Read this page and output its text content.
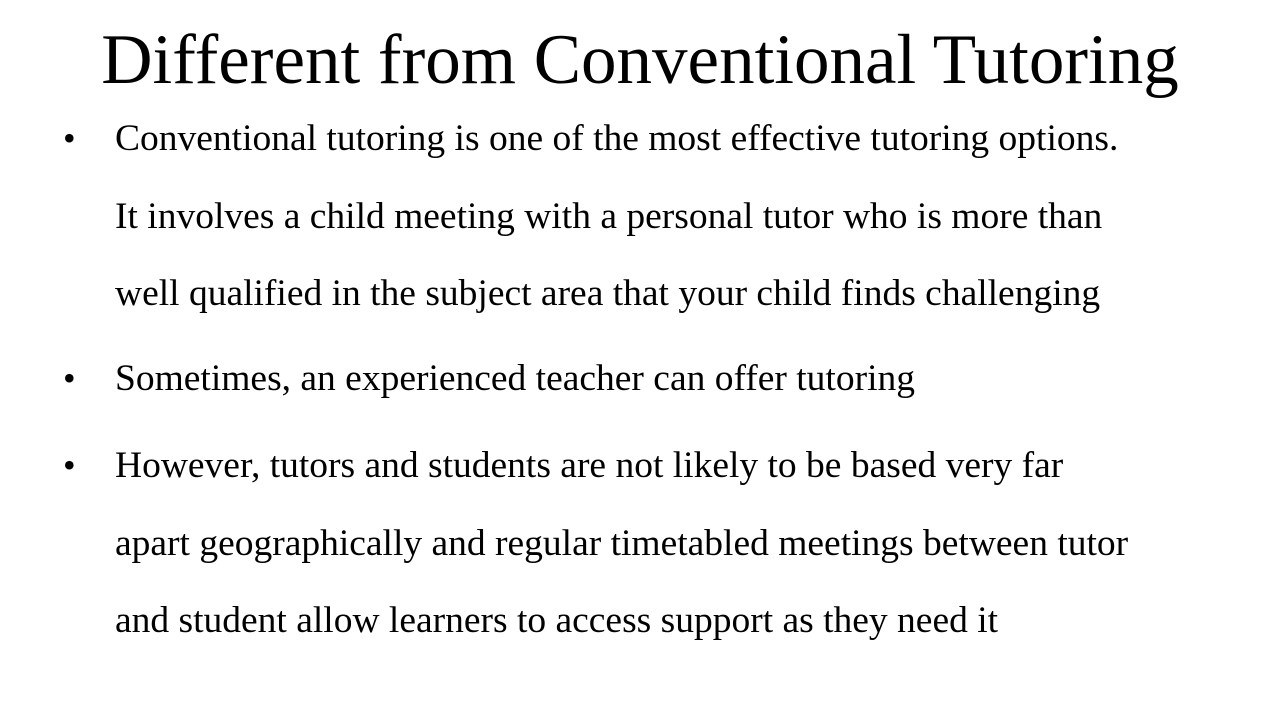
Different from Conventional Tutoring
• Conventional tutoring is one of the most effective tutoring options.
It involves a child meeting with a personal tutor who is more than
well qualified in the subject area that your child finds challenging
• Sometimes, an experienced teacher can offer tutoring
• However, tutors and students are not likely to be based very far
apart geographically and regular timetabled meetings between tutor
and student allow learners to access support as they need it
